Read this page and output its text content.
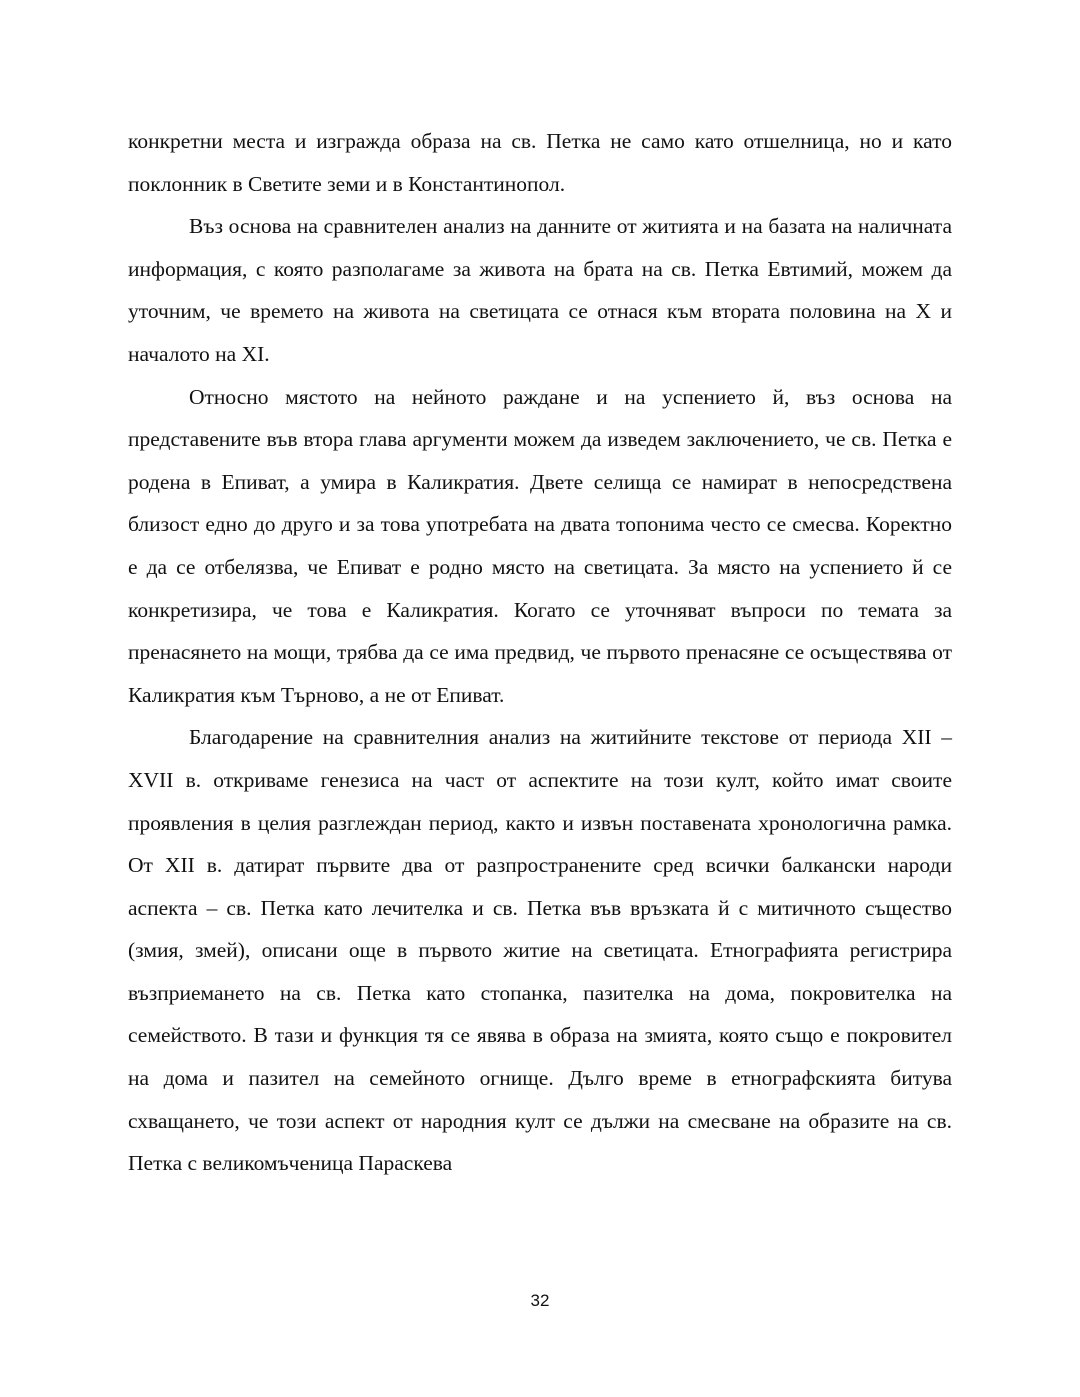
конкретни места и изгражда образа на св. Петка не само като отшелница, но и като поклонник в Светите земи и в Константинопол.

Въз основа на сравнителен анализ на данните от житията и на базата на наличната информация, с която разполагаме за живота на брата на св. Петка Евтимий, можем да уточним, че времето на живота на светицата се отнася към втората половина на X и началото на XI.

Относно мястото на нейното раждане и на успението й, въз основа на представените във втора глава аргументи можем да изведем заключението, че св. Петка е родена в Епиват, а умира в Каликратия. Двете селища се намират в непосредствена близост едно до друго и за това употребата на двата топонима често се смесва. Коректно е да се отбелязва, че Епиват е родно място на светицата. За място на успението й се конкретизира, че това е Каликратия. Когато се уточняват въпроси по темата за пренасянето на мощи, трябва да се има предвид, че първото пренасяне се осъществява от Каликратия към Търново, а не от Епиват.

Благодарение на сравнителния анализ на житийните текстове от периода XII – XVII в. откриваме генезиса на част от аспектите на този култ, който имат своите проявления в целия разглеждан период, както и извън поставената хронологична рамка. От XII в. датират първите два от разпространените сред всички балкански народи аспекта – св. Петка като лечителка и св. Петка във връзката й с митичното същество (змия, змей), описани още в първото житие на светицата. Етнографията регистрира възприемането на св. Петка като стопанка, пазителка на дома, покровителка на семейството. В тази и функция тя се явява в образа на змията, която също е покровител на дома и пазител на семейното огнище. Дълго време в етнографскиятa битува схващането, че този аспект от народния култ се дължи на смесване на образите на св. Петка с великомъченица Параскева

32
